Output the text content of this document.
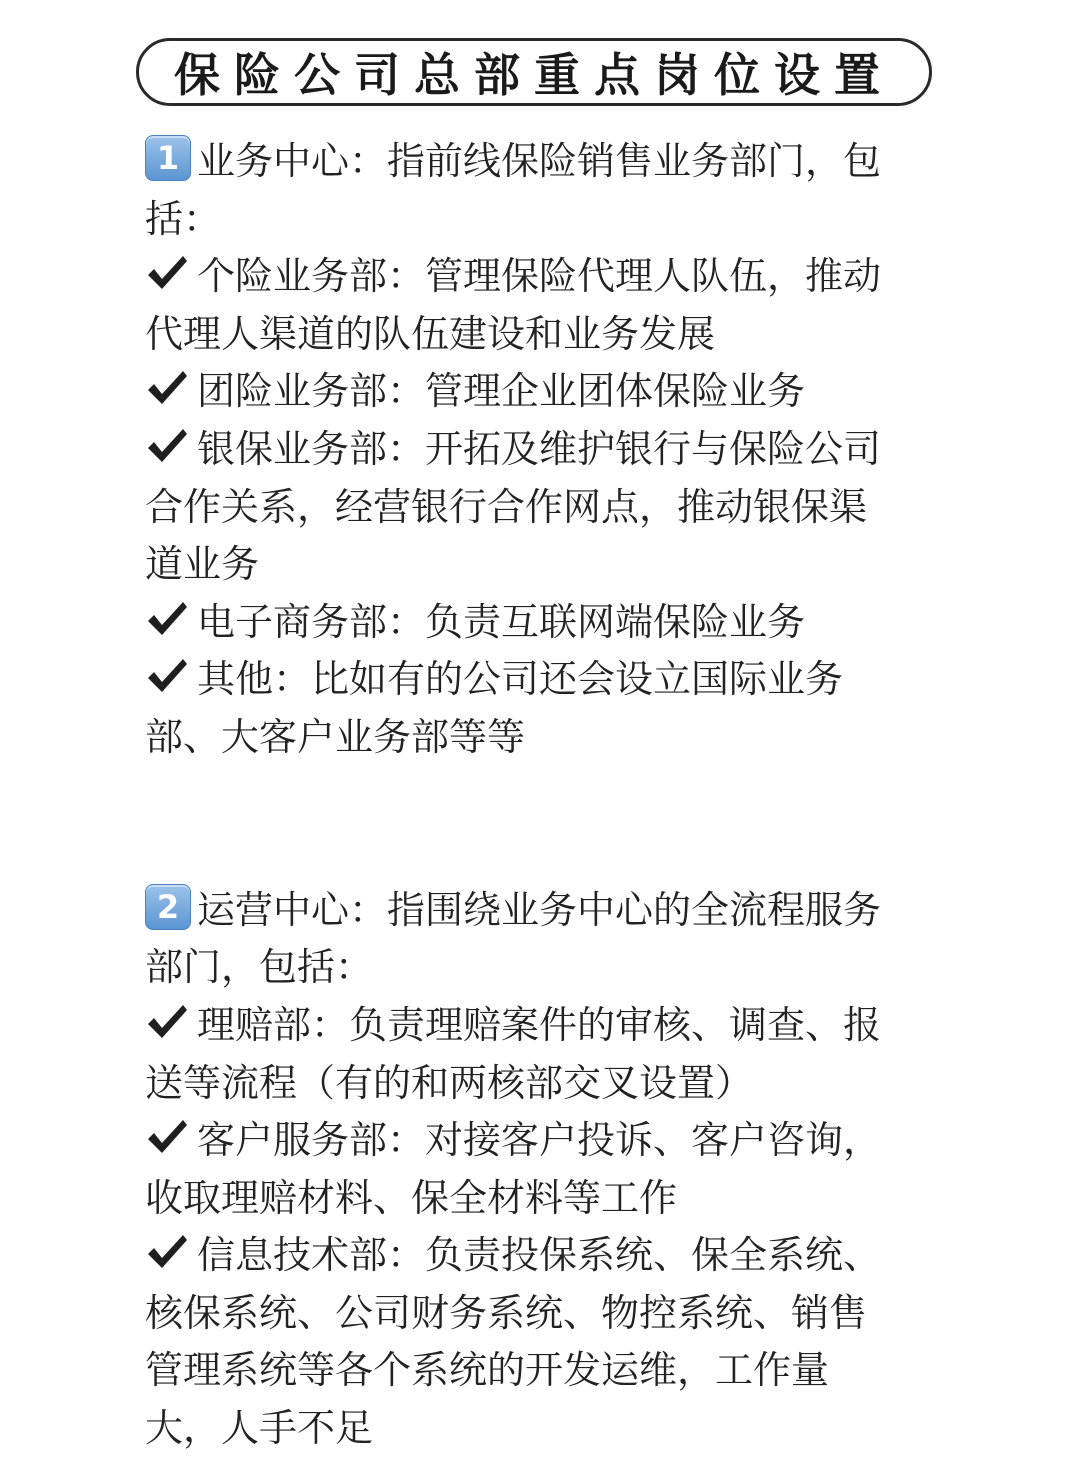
保险公司总部重点岗位设置
1 业务中心：指前线保险销售业务部门，包
括：
个险业务部：管理保险代理人队伍，推动
代理人渠道的队伍建设和业务发展
团险业务部：管理企业团体保险业务
银保业务部：开拓及维护银行与保险公司
合作关系，经营银行合作网点，推动银保渠
道业务
电子商务部：负责互联网端保险业务
其他：比如有的公司还会设立国际业务
部、大客户业务部等等
2 运营中心：指围绕业务中心的全流程服务
部门，包括：
理赔部：负责理赔案件的审核、调查、报
送等流程（有的和两核部交叉设置）
客户服务部：对接客户投诉、客户咨询，
收取理赔材料、保全材料等工作
信息技术部：负责投保系统、保全系统、
核保系统、公司财务系统、物控系统、销售
管理系统等各个系统的开发运维，工作量
大，人手不足
